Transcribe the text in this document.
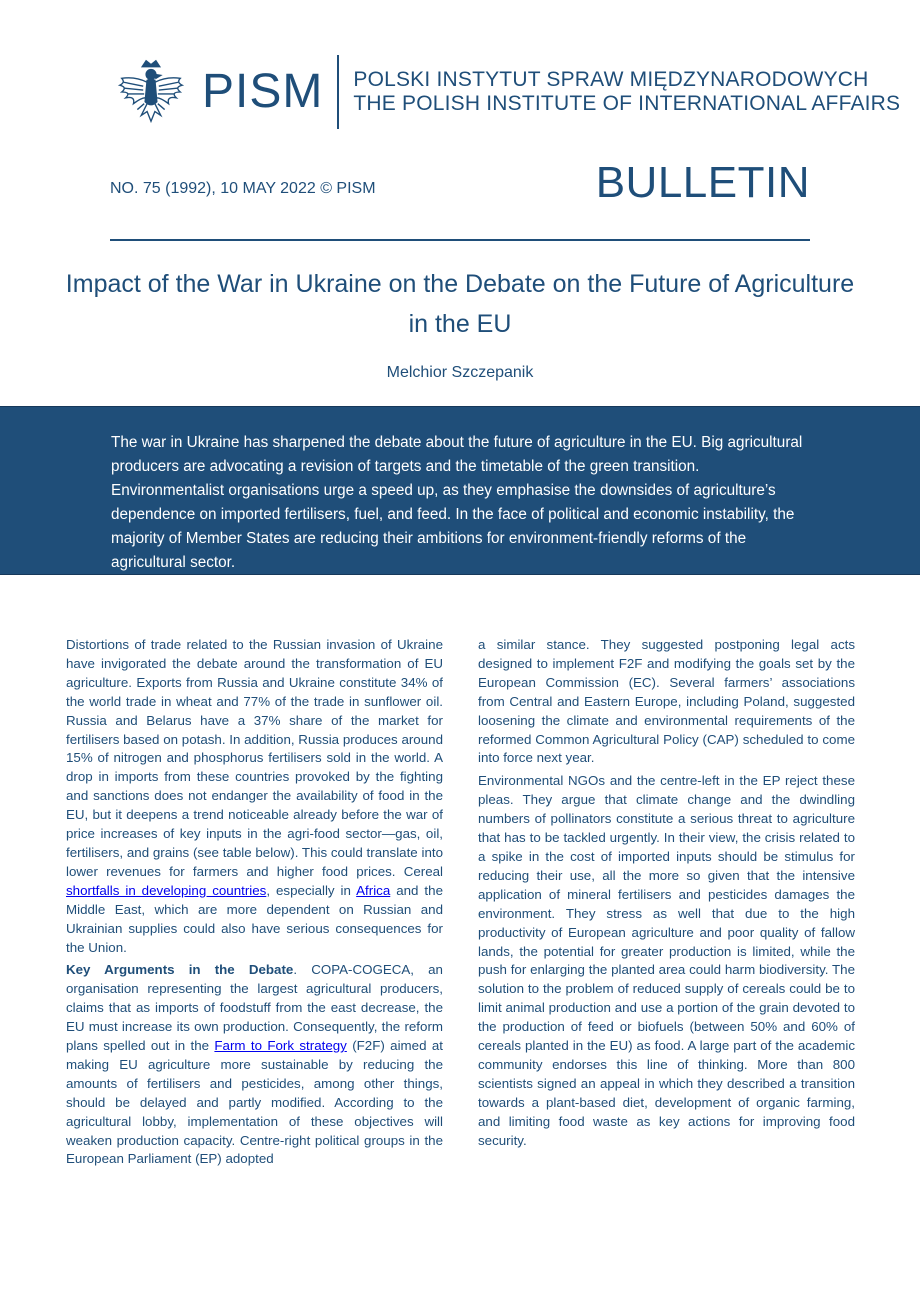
PISM POLSKI INSTYTUT SPRAW MIĘDZYNARODOWYCH
THE POLISH INSTITUTE OF INTERNATIONAL AFFAIRS
NO. 75 (1992), 10 MAY 2022 © PISM	BULLETIN
Impact of the War in Ukraine on the Debate on the Future of Agriculture in the EU
Melchior Szczepanik

The war in Ukraine has sharpened the debate about the future of agriculture in the EU. Big agricultural producers are advocating a revision of targets and the timetable of the green transition. Environmentalist organisations urge a speed up, as they emphasise the downsides of agriculture’s dependence on imported fertilisers, fuel, and feed. In the face of political and economic instability, the majority of Member States are reducing their ambitions for environment-friendly reforms of the agricultural sector.

Distortions of trade related to the Russian invasion of Ukraine have invigorated the debate around the transformation of EU agriculture. Exports from Russia and Ukraine constitute 34% of the world trade in wheat and 77% of the trade in sunflower oil. Russia and Belarus have a 37% share of the market for fertilisers based on potash. In addition, Russia produces around 15% of nitrogen and phosphorus fertilisers sold in the world. A drop in imports from these countries provoked by the fighting and sanctions does not endanger the availability of food in the EU, but it deepens a trend noticeable already before the war of price increases of key inputs in the agri-food sector—gas, oil, fertilisers, and grains (see table below). This could translate into lower revenues for farmers and higher food prices. Cereal shortfalls in developing countries, especially in Africa and the Middle East, which are more dependent on Russian and Ukrainian supplies could also have serious consequences for the Union.

Key Arguments in the Debate. COPA-COGECA, an organisation representing the largest agricultural producers, claims that as imports of foodstuff from the east decrease, the EU must increase its own production. Consequently, the reform plans spelled out in the Farm to Fork strategy (F2F) aimed at making EU agriculture more sustainable by reducing the amounts of fertilisers and pesticides, among other things, should be delayed and partly modified. According to the agricultural lobby, implementation of these objectives will weaken production capacity. Centre-right political groups in the European Parliament (EP) adopted

a similar stance. They suggested postponing legal acts designed to implement F2F and modifying the goals set by the European Commission (EC). Several farmers’ associations from Central and Eastern Europe, including Poland, suggested loosening the climate and environmental requirements of the reformed Common Agricultural Policy (CAP) scheduled to come into force next year.

Environmental NGOs and the centre-left in the EP reject these pleas. They argue that climate change and the dwindling numbers of pollinators constitute a serious threat to agriculture that has to be tackled urgently. In their view, the crisis related to a spike in the cost of imported inputs should be stimulus for reducing their use, all the more so given that the intensive application of mineral fertilisers and pesticides damages the environment. They stress as well that due to the high productivity of European agriculture and poor quality of fallow lands, the potential for greater production is limited, while the push for enlarging the planted area could harm biodiversity. The solution to the problem of reduced supply of cereals could be to limit animal production and use a portion of the grain devoted to the production of feed or biofuels (between 50% and 60% of cereals planted in the EU) as food. A large part of the academic community endorses this line of thinking. More than 800 scientists signed an appeal in which they described a transition towards a plant-based diet, development of organic farming, and limiting food waste as key actions for improving food security.
